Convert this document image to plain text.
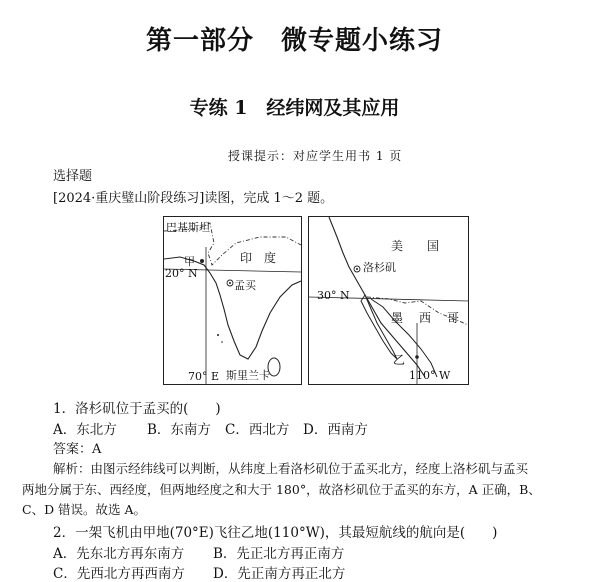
第一部分　微专题小练习
专练 1　经纬网及其应用
授课提示：对应学生用书 1 页
选择题
[2024·重庆璧山阶段练习]读图，完成 1～2 题。
巴基斯坦
甲	印　度
20° N
孟买
70° E 斯里兰卡
美　　国
洛杉矶
30° N
墨 西 哥
乙
110° W
1．洛杉矶位于孟买的(　　)
A．东北方 B．东南方 C．西北方 D．西南方
答案：A
解析：由图示经纬线可以判断，从纬度上看洛杉矶位于孟买北方，经度上洛杉矶与孟买
两地分属于东、西经度，但两地经度之和大于 180°，故洛杉矶位于孟买的东方，A 正确，B、
C、D 错误。故选 A。
2．一架飞机由甲地(70°E)飞往乙地(110°W)，其最短航线的航向是(　　)
A．先东北方再东南方 B．先正北方再正南方
C．先西北方再西南方 D．先正南方再正北方
